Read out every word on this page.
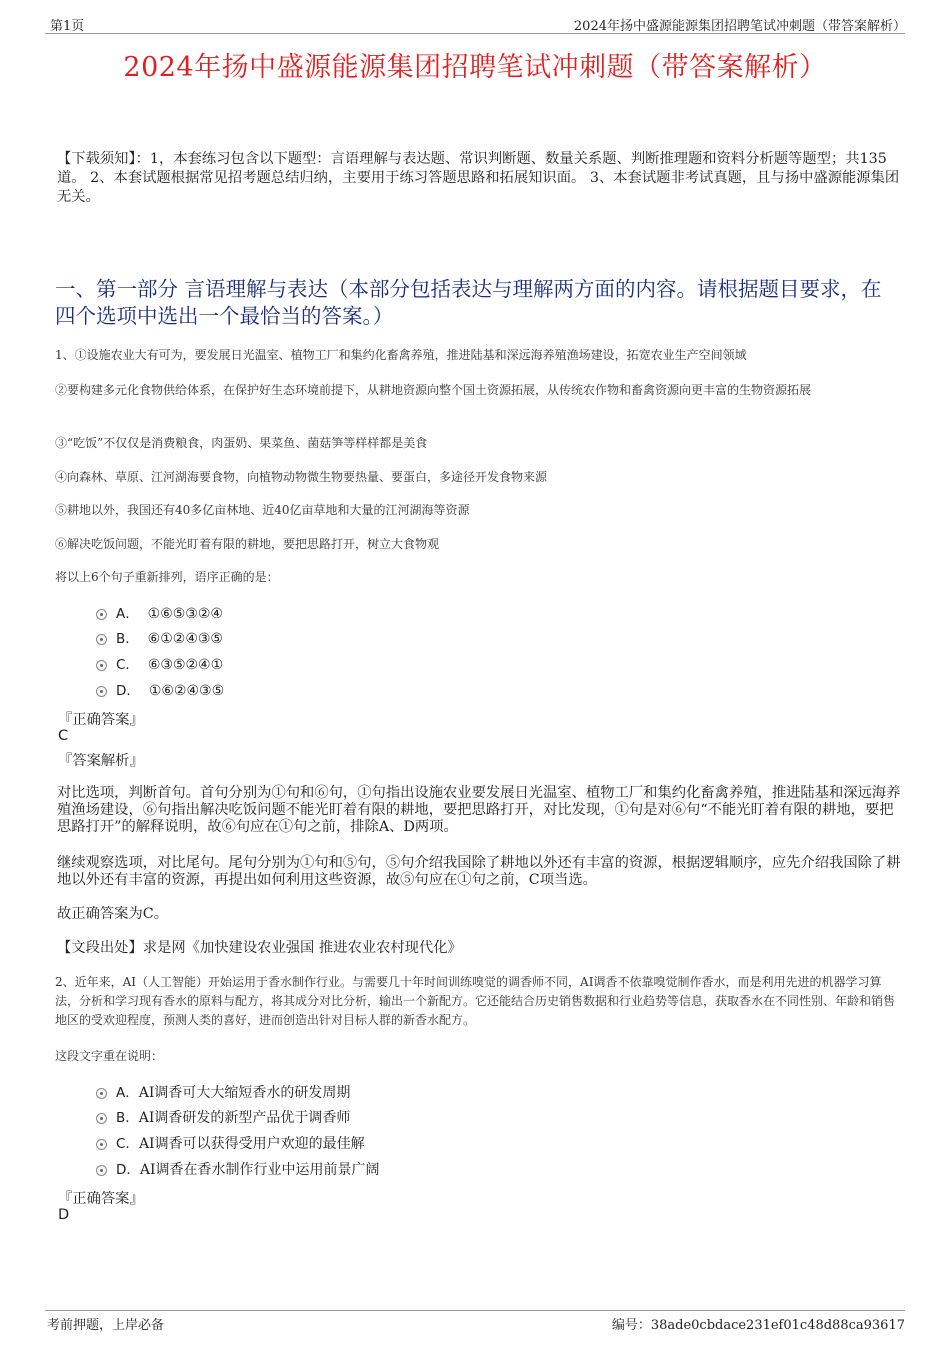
第1页	2024年扬中盛源能源集团招聘笔试冲刺题（带答案解析）
2024年扬中盛源能源集团招聘笔试冲刺题（带答案解析）
【下载须知】：1，本套练习包含以下题型：言语理解与表达题、常识判断题、数量关系题、判断推理题和资料分析题等题型；共135道。 2、本套试题根据常见招考题总结归纳，主要用于练习答题思路和拓展知识面。 3、本套试题非考试真题，且与扬中盛源能源集团无关。
一、第一部分 言语理解与表达（本部分包括表达与理解两方面的内容。请根据题目要求，在四个选项中选出一个最恰当的答案。）
1、①设施农业大有可为，要发展日光温室、植物工厂和集约化畜禽养殖，推进陆基和深远海养殖渔场建设，拓宽农业生产空间领域
②要构建多元化食物供给体系，在保护好生态环境前提下，从耕地资源向整个国土资源拓展，从传统农作物和畜禽资源向更丰富的生物资源拓展
③“吃饭”不仅仅是消费粮食，肉蛋奶、果菜鱼、菌菇笋等样样都是美食
④向森林、草原、江河湖海要食物，向植物动物微生物要热量、要蛋白，多途径开发食物来源
⑤耕地以外，我国还有40多亿亩林地、近40亿亩草地和大量的江河湖海等资源
⑥解决吃饭问题，不能光盯着有限的耕地，要把思路打开，树立大食物观
将以上6个句子重新排列，语序正确的是：
A． ①⑥⑤③②④
B． ⑥①②④③⑤
C． ⑥③⑤②④①
D． ①⑥②④③⑤
『正确答案』
C
『答案解析』
对比选项，判断首句。首句分别为①句和⑥句，①句指出设施农业要发展日光温室、植物工厂和集约化畜禽养殖，推进陆基和深远海养殖渔场建设，⑥句指出解决吃饭问题不能光盯着有限的耕地，要把思路打开，对比发现，①句是对⑥句“不能光盯着有限的耕地，要把思路打开”的解释说明，故⑥句应在①句之前，排除A、D两项。
继续观察选项，对比尾句。尾句分别为①句和⑤句，⑤句介绍我国除了耕地以外还有丰富的资源，根据逻辑顺序，应先介绍我国除了耕地以外还有丰富的资源，再提出如何利用这些资源，故⑤句应在①句之前，C项当选。
故正确答案为C。
【文段出处】求是网《加快建设农业强国 推进农业农村现代化》
2、近年来，AI（人工智能）开始运用于香水制作行业。与需要几十年时间训练嗅觉的调香师不同，AI调香不依靠嗅觉制作香水，而是利用先进的机器学习算法，分析和学习现有香水的原料与配方，将其成分对比分析，输出一个新配方。它还能结合历史销售数据和行业趋势等信息，获取香水在不同性别、年龄和销售地区的受欢迎程度，预测人类的喜好，进而创造出针对目标人群的新香水配方。
这段文字重在说明：
A．AI调香可大大缩短香水的研发周期
B．AI调香研发的新型产品优于调香师
C．AI调香可以获得受用户欢迎的最佳解
D．AI调香在香水制作行业中运用前景广阔
『正确答案』
D
考前押题，上岸必备	编号：38ade0cbdace231ef01c48d88ca93617
